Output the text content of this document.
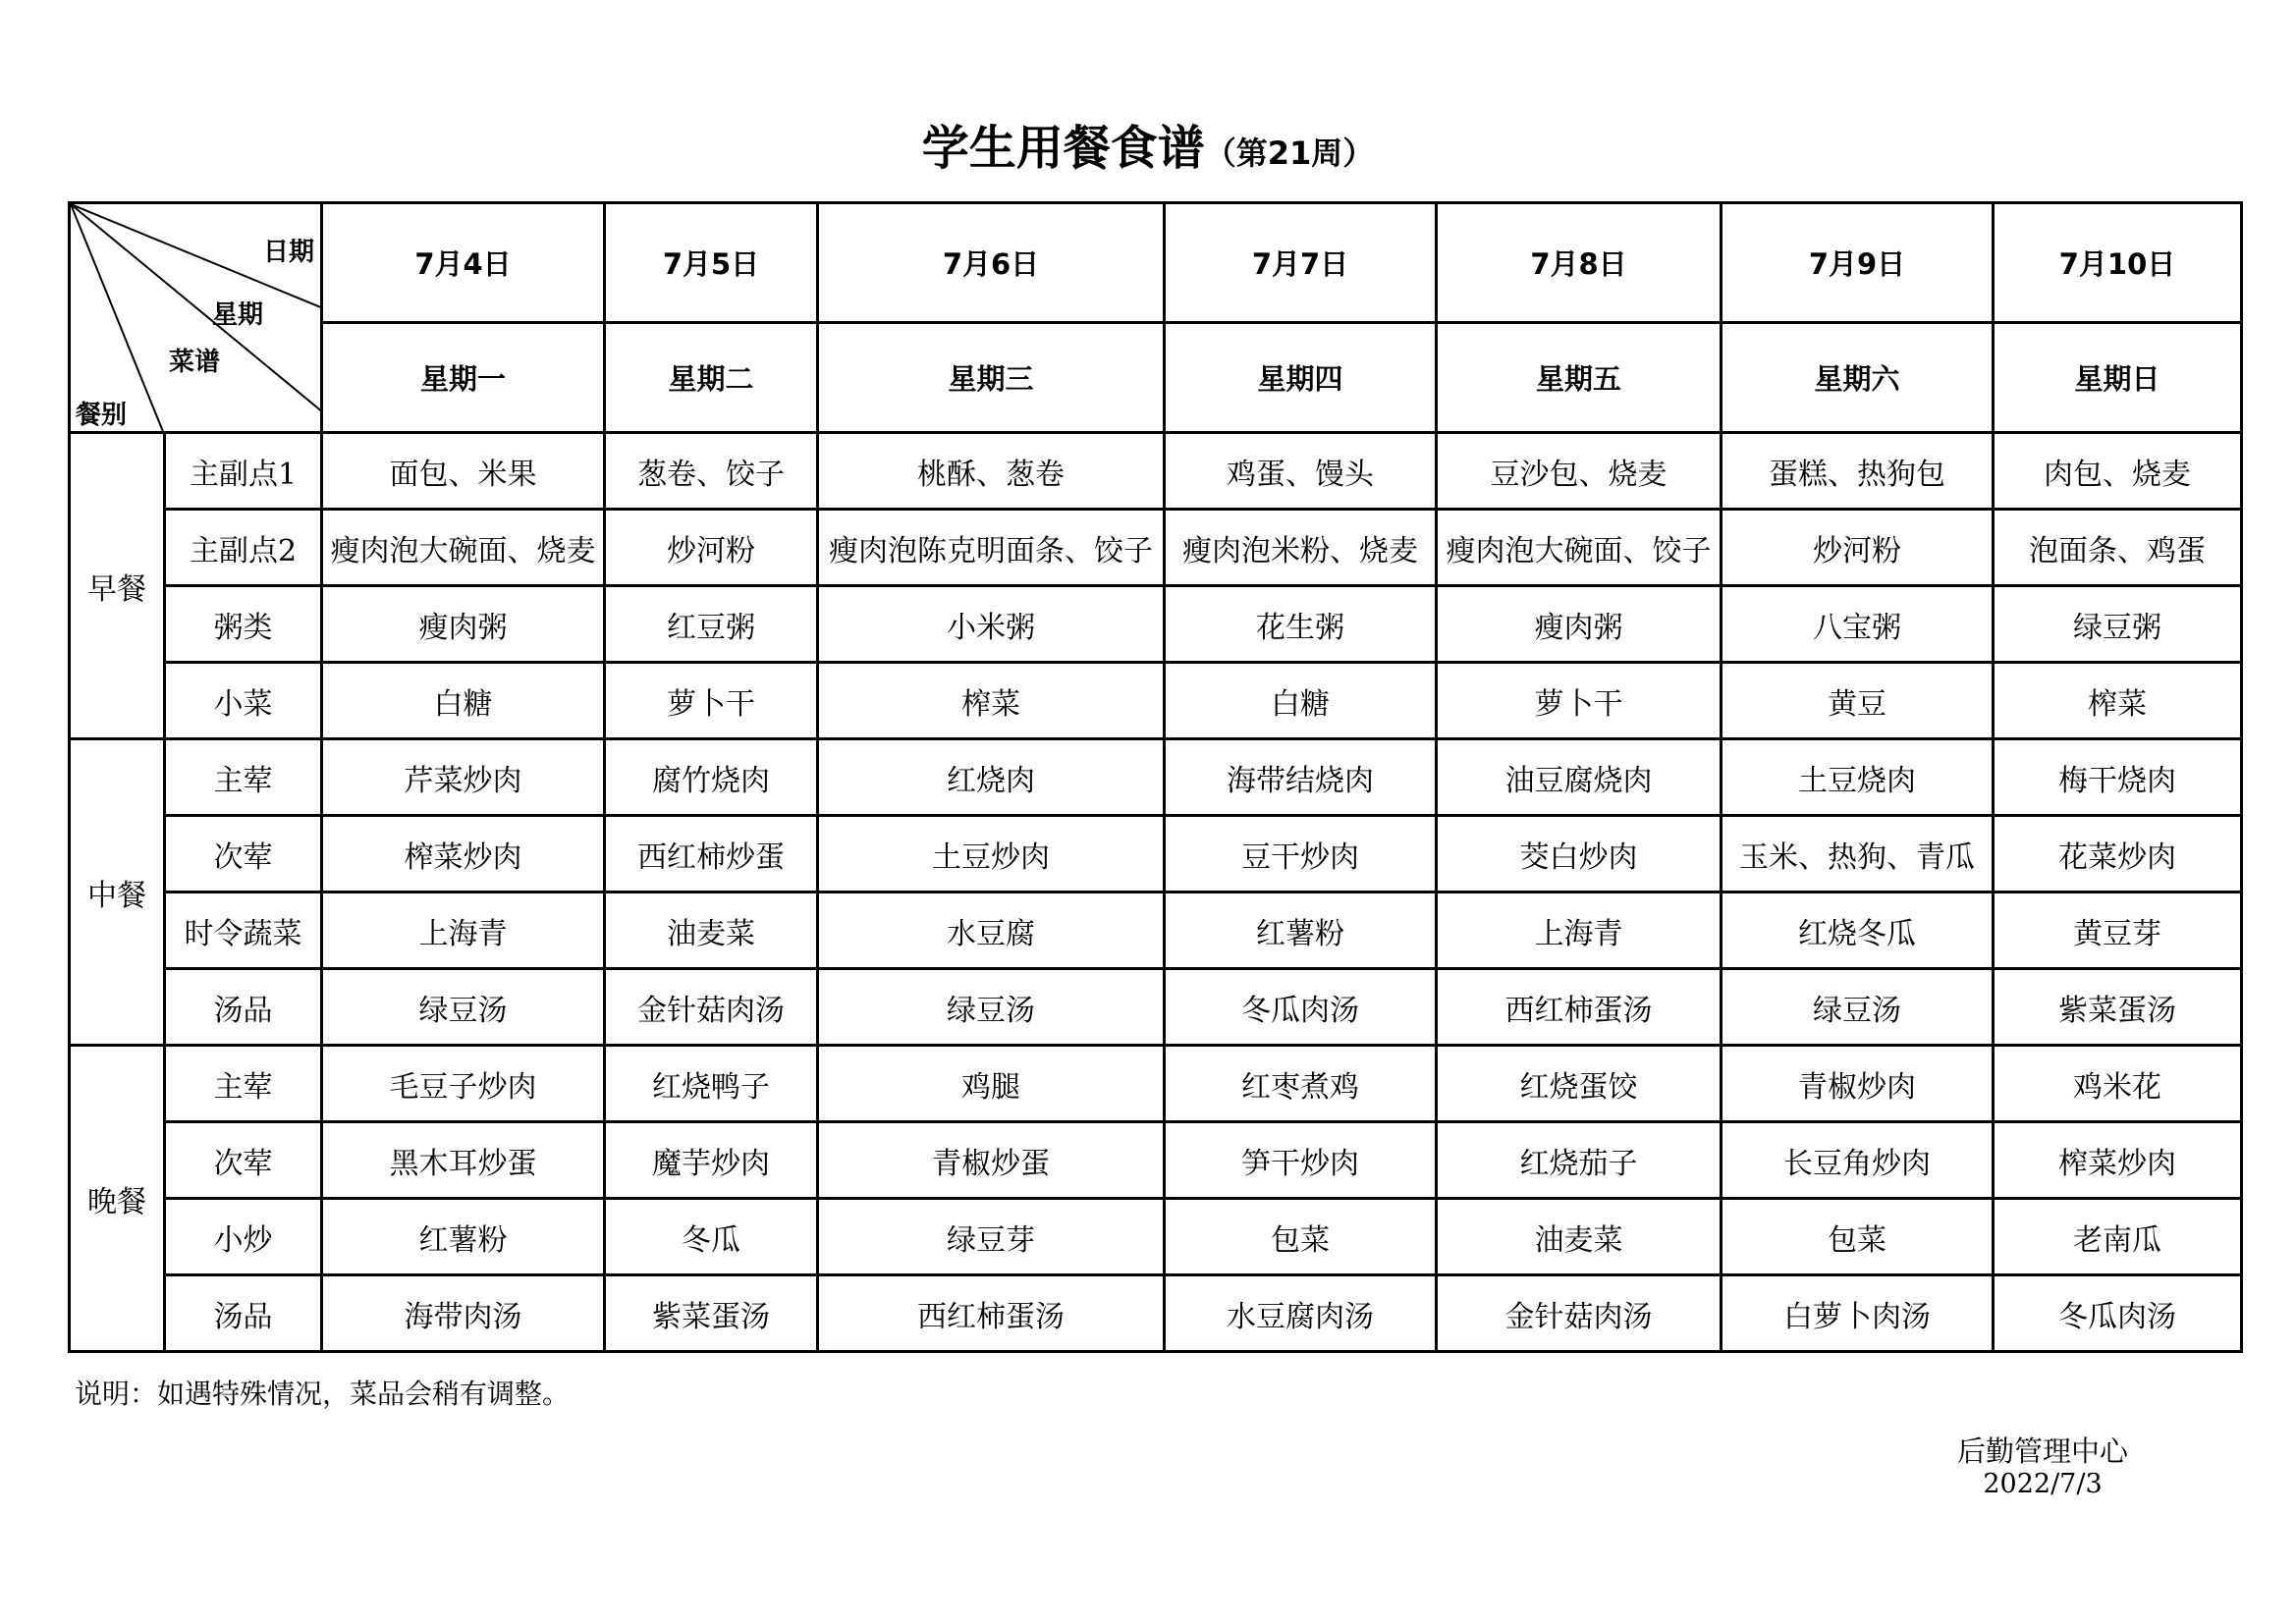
学生用餐食谱（第21周）
日期
星期
菜谱
餐别		7月4日	7月5日	7月6日	7月7日	7月8日	7月9日	7月10日
		星期一	星期二	星期三	星期四	星期五	星期六	星期日
早餐	主副点1	面包、米果	葱卷、饺子	桃酥、葱卷	鸡蛋、馒头	豆沙包、烧麦	蛋糕、热狗包	肉包、烧麦
	主副点2	瘦肉泡大碗面、烧麦	炒河粉	瘦肉泡陈克明面条、饺子	瘦肉泡米粉、烧麦	瘦肉泡大碗面、饺子	炒河粉	泡面条、鸡蛋
	粥类	瘦肉粥	红豆粥	小米粥	花生粥	瘦肉粥	八宝粥	绿豆粥
	小菜	白糖	萝卜干	榨菜	白糖	萝卜干	黄豆	榨菜
中餐	主荤	芹菜炒肉	腐竹烧肉	红烧肉	海带结烧肉	油豆腐烧肉	土豆烧肉	梅干烧肉
	次荤	榨菜炒肉	西红柿炒蛋	土豆炒肉	豆干炒肉	茭白炒肉	玉米、热狗、青瓜	花菜炒肉
	时令蔬菜	上海青	油麦菜	水豆腐	红薯粉	上海青	红烧冬瓜	黄豆芽
	汤品	绿豆汤	金针菇肉汤	绿豆汤	冬瓜肉汤	西红柿蛋汤	绿豆汤	紫菜蛋汤
晚餐	主荤	毛豆子炒肉	红烧鸭子	鸡腿	红枣煮鸡	红烧蛋饺	青椒炒肉	鸡米花
	次荤	黑木耳炒蛋	魔芋炒肉	青椒炒蛋	笋干炒肉	红烧茄子	长豆角炒肉	榨菜炒肉
	小炒	红薯粉	冬瓜	绿豆芽	包菜	油麦菜	包菜	老南瓜
	汤品	海带肉汤	紫菜蛋汤	西红柿蛋汤	水豆腐肉汤	金针菇肉汤	白萝卜肉汤	冬瓜肉汤
说明：如遇特殊情况，菜品会稍有调整。
后勤管理中心
2022/7/3
